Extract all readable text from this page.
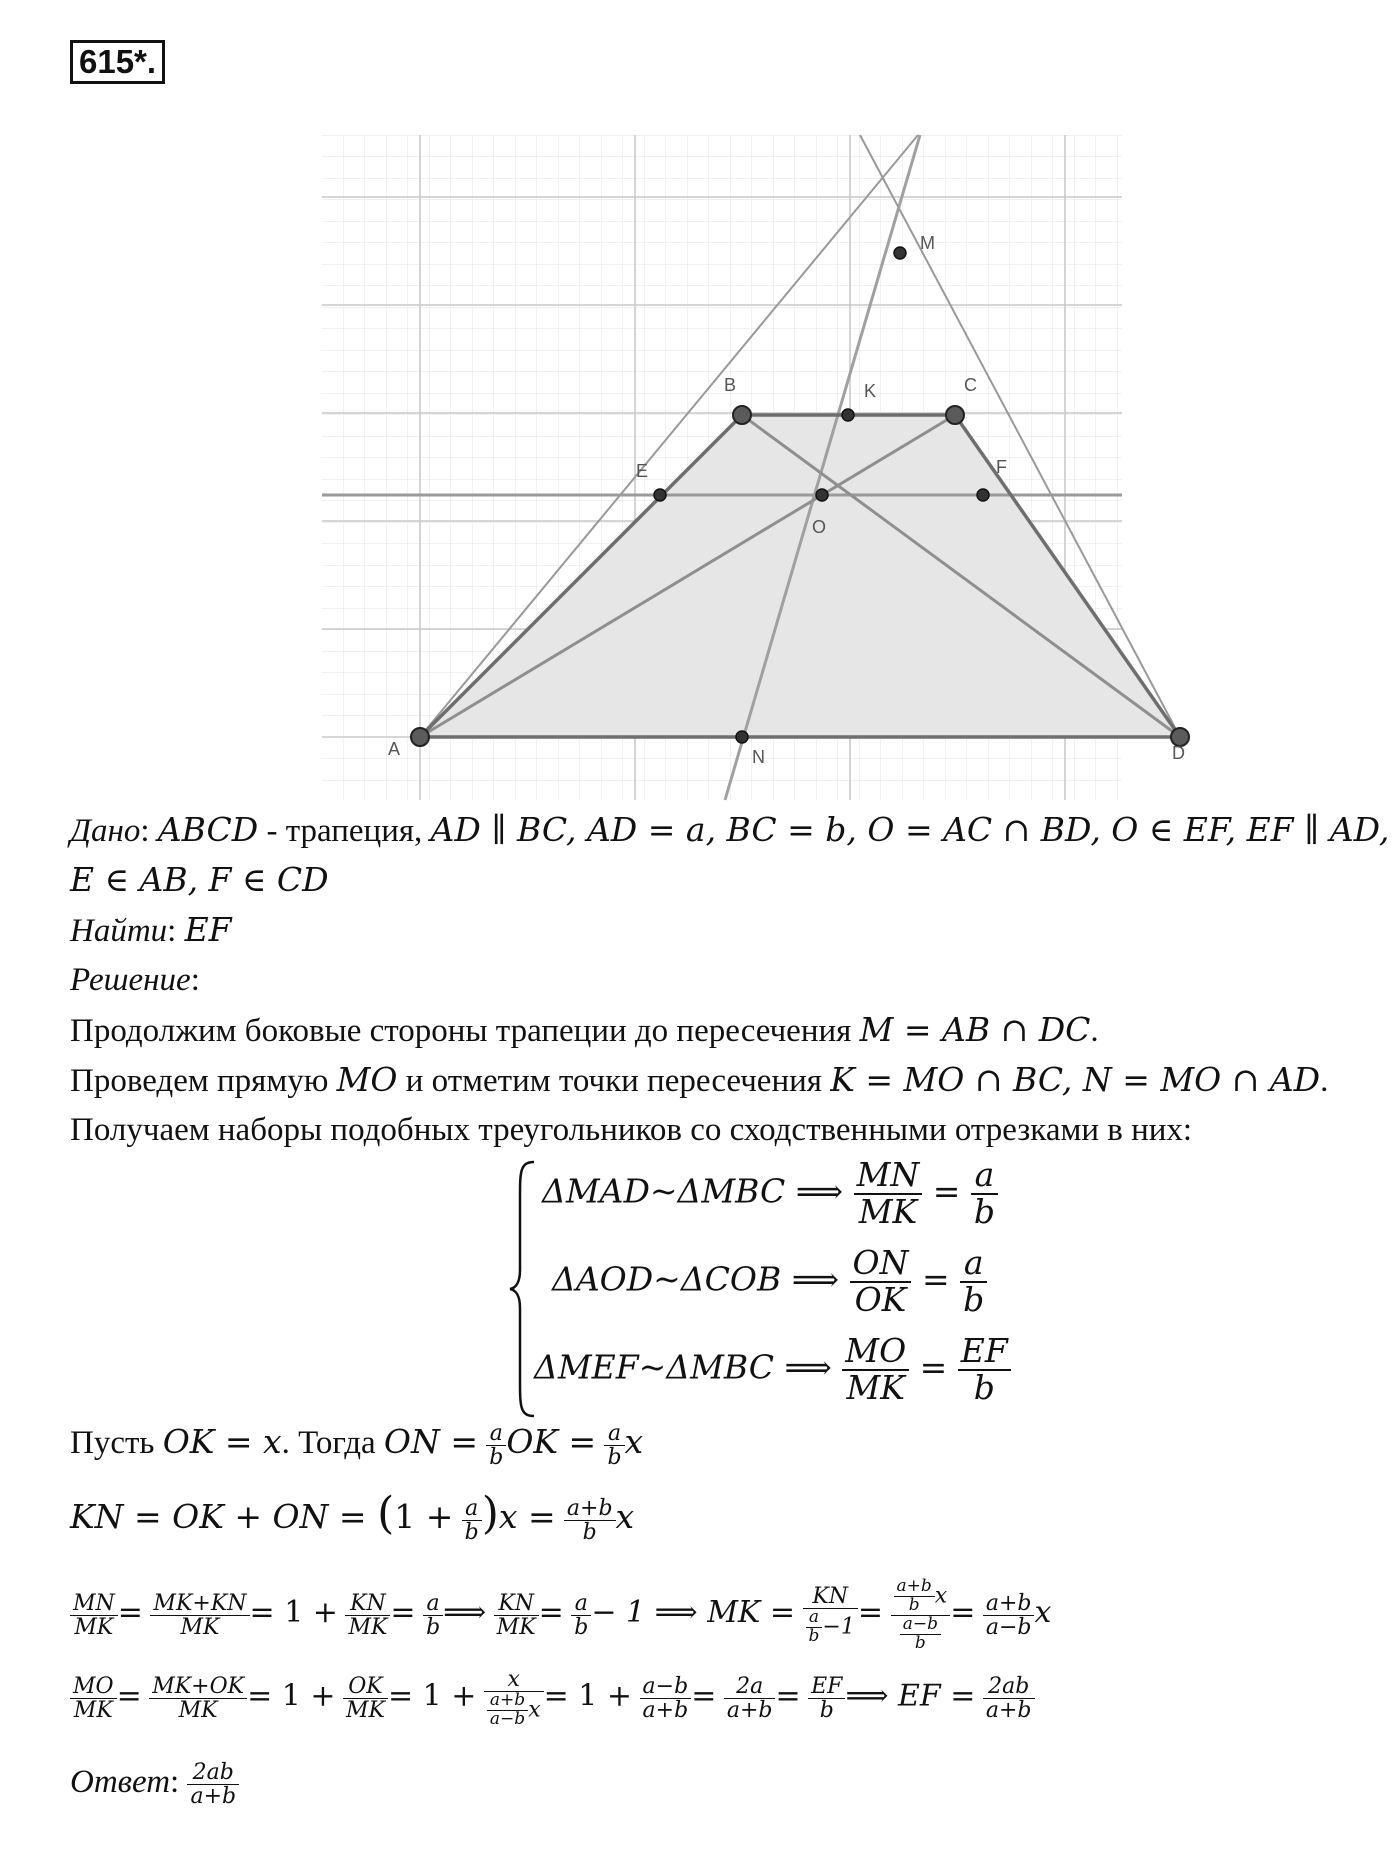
615*.
A
B	C
D
E	F
K
M
N
O
Дано: ABCD - трапеция, AD ∥ BC, AD = a, BC = b, O = AC ∩ BD, O ∈ EF, EF ∥ AD,
E ∈ AB, F ∈ CD
Найти: EF
Решение:
Продолжим боковые стороны трапеции до пересечения M = AB ∩ DC.
Проведем прямую MO и отметим точки пересечения K = MO ∩ BC, N = MO ∩ AD.
Получаем наборы подобных треугольников со сходственными отрезками в них:
ΔMAD~ΔMBC ⟹ $\frac{MN}{MK} = \frac{a}{b}$
ΔAOD~ΔCOB ⟹ $\frac{ON}{OK} = \frac{a}{b}$
ΔMEF~ΔMBC ⟹ $\frac{MO}{MK} = \frac{EF}{b}$
Пусть OK = x. Тогда ON = $\frac{a}{b}$ OK = $\frac{a}{b}$ x
KN = OK + ON = $(1 + \frac{a}{b} )x = \frac{a+b}{b}$ x
$\frac{MN}{MK} = \frac{MK+KN}{MK} = 1 + \frac{KN}{MK} = \frac{a}{b}$ ⟹ $\frac{KN}{MK} = \frac{a}{b} - 1$ ⟹ MK = $\frac{KN}{\frac{a}{b} -1} = \frac{\frac{a+b}{b} x}{\frac{a-b}{b}} = \frac{a+b}{a-b}$ x
$\frac{MO}{MK} = \frac{MK+OK}{MK} = 1 + \frac{OK}{MK} = 1 + \frac{x}{\frac{a+b}{a-b} x} = 1 + \frac{a-b}{a+b} = \frac{2a}{a+b} = \frac{EF}{b}$ ⟹ EF = $\frac{2ab}{a+b}$
Ответ: $\frac{2ab}{a+b}$
